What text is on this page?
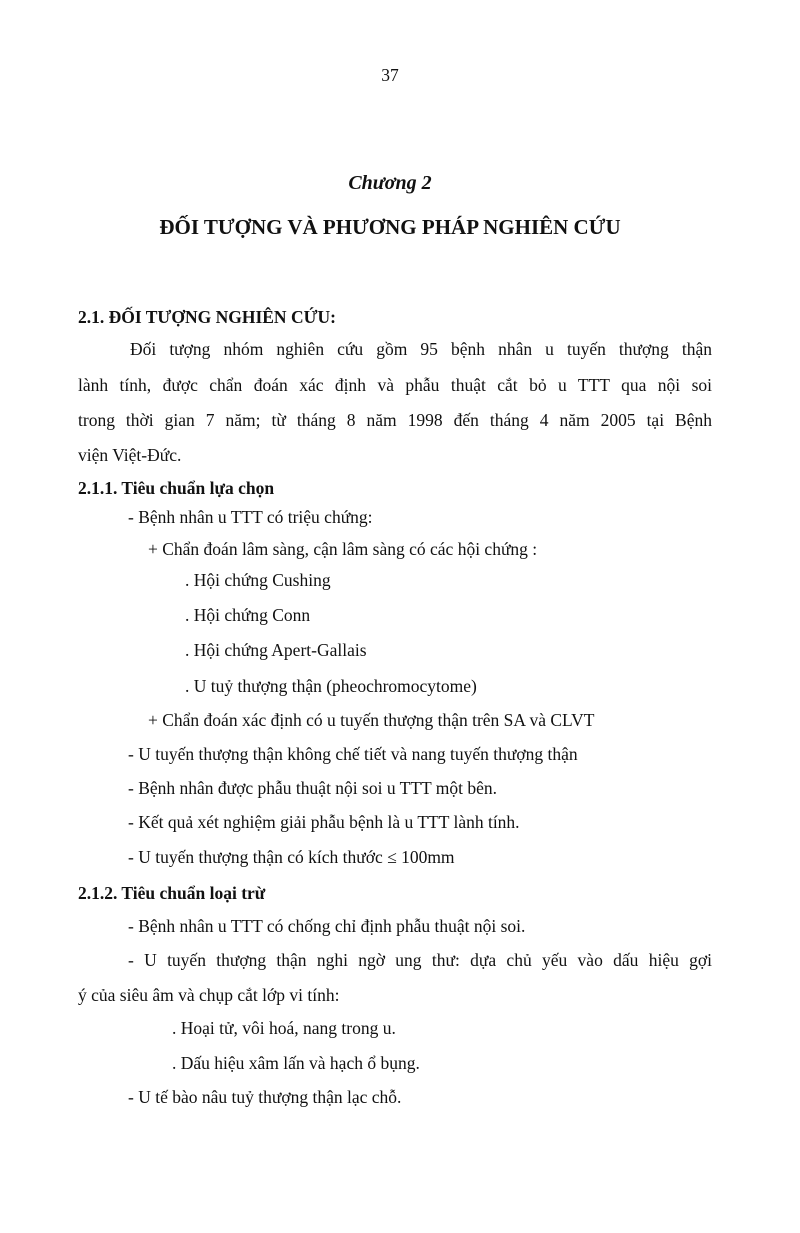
37
Chương 2
ĐỐI TƯỢNG VÀ PHƯƠNG PHÁP NGHIÊN CỨU
2.1. ĐỐI TƯỢNG NGHIÊN CỨU:
Đối tượng nhóm nghiên cứu gồm 95 bệnh nhân u tuyến thượng thận
lành tính, được chẩn đoán xác định và phẫu thuật cắt bỏ u TTT qua nội soi
trong thời gian 7 năm; từ tháng 8 năm 1998 đến tháng 4 năm 2005 tại Bệnh
viện Việt-Đức.
2.1.1. Tiêu chuẩn lựa chọn
- Bệnh nhân u TTT có triệu chứng:
+ Chẩn đoán lâm sàng, cận lâm sàng có các hội chứng :
. Hội chứng Cushing
. Hội chứng Conn
. Hội chứng Apert-Gallais
. U tuỷ thượng thận (pheochromocytome)
+ Chẩn đoán xác định có u tuyến thượng thận trên SA và CLVT
- U tuyến thượng thận không chế tiết và nang tuyến thượng thận
- Bệnh nhân được phẫu thuật nội soi u TTT một bên.
- Kết quả xét nghiệm giải phẫu bệnh là u TTT lành tính.
- U tuyến thượng thận có kích thước ≤ 100mm
2.1.2. Tiêu chuẩn loại trừ
- Bệnh nhân u TTT có chống chỉ định phẫu thuật nội soi.
- U tuyến thượng thận nghi ngờ ung thư: dựa chủ yếu vào dấu hiệu gợi
ý của siêu âm và chụp cắt lớp vi tính:
. Hoại tử, vôi hoá, nang trong u.
. Dấu hiệu xâm lấn và hạch ổ bụng.
- U tế bào nâu tuỷ thượng thận lạc chỗ.
